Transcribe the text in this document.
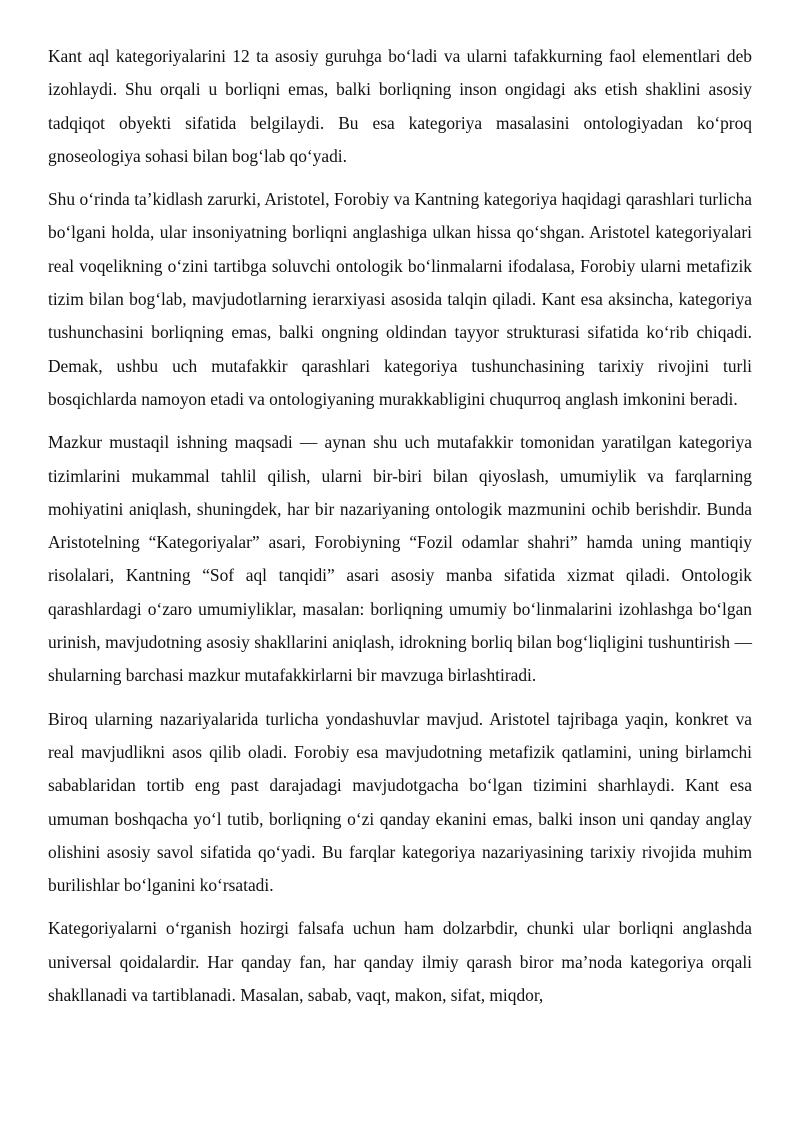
Kant aql kategoriyalarini 12 ta asosiy guruhga bo‘ladi va ularni tafakkurning faol elementlari deb izohlaydi. Shu orqali u borliqni emas, balki borliqning inson ongidagi aks etish shaklini asosiy tadqiqot obyekti sifatida belgilaydi. Bu esa kategoriya masalasini ontologiyadan ko‘proq gnoseologiya sohasi bilan bog‘lab qo‘yadi.

Shu o‘rinda ta’kidlash zarurki, Aristotel, Forobiy va Kantning kategoriya haqidagi qarashlari turlicha bo‘lgani holda, ular insoniyatning borliqni anglashiga ulkan hissa qo‘shgan. Aristotel kategoriyalari real voqelikning o‘zini tartibga soluvchi ontologik bo‘linmalarni ifodalasa, Forobiy ularni metafizik tizim bilan bog‘lab, mavjudotlarning ierarxiyasi asosida talqin qiladi. Kant esa aksincha, kategoriya tushunchasini borliqning emas, balki ongning oldindan tayyor strukturasi sifatida ko‘rib chiqadi. Demak, ushbu uch mutafakkir qarashlari kategoriya tushunchasining tarixiy rivojini turli bosqichlarda namoyon etadi va ontologiyaning murakkabligini chuqurroq anglash imkonini beradi.

Mazkur mustaqil ishning maqsadi — aynan shu uch mutafakkir tomonidan yaratilgan kategoriya tizimlarini mukammal tahlil qilish, ularni bir-biri bilan qiyoslash, umumiylik va farqlarning mohiyatini aniqlash, shuningdek, har bir nazariyaning ontologik mazmunini ochib berishdir. Bunda Aristotelning “Kategoriyalar” asari, Forobiyning “Fozil odamlar shahri” hamda uning mantiqiy risolalari, Kantning “Sof aql tanqidi” asari asosiy manba sifatida xizmat qiladi. Ontologik qarashlardagi o‘zaro umumiyliklar, masalan: borliqning umumiy bo‘linmalarini izohlashga bo‘lgan urinish, mavjudotning asosiy shakllarini aniqlash, idrokning borliq bilan bog‘liqligini tushuntirish — shularning barchasi mazkur mutafakkirlarni bir mavzuga birlashtiradi.

Biroq ularning nazariyalarida turlicha yondashuvlar mavjud. Aristotel tajribaga yaqin, konkret va real mavjudlikni asos qilib oladi. Forobiy esa mavjudotning metafizik qatlamini, uning birlamchi sabablaridan tortib eng past darajadagi mavjudotgacha bo‘lgan tizimini sharhlaydi. Kant esa umuman boshqacha yo‘l tutib, borliqning o‘zi qanday ekanini emas, balki inson uni qanday anglay olishini asosiy savol sifatida qo‘yadi. Bu farqlar kategoriya nazariyasining tarixiy rivojida muhim burilishlar bo‘lganini ko‘rsatadi.

Kategoriyalarni o‘rganish hozirgi falsafa uchun ham dolzarbdir, chunki ular borliqni anglashda universal qoidalardir. Har qanday fan, har qanday ilmiy qarash biror ma’noda kategoriya orqali shakllanadi va tartiblanadi. Masalan, sabab, vaqt, makon, sifat, miqdor,
